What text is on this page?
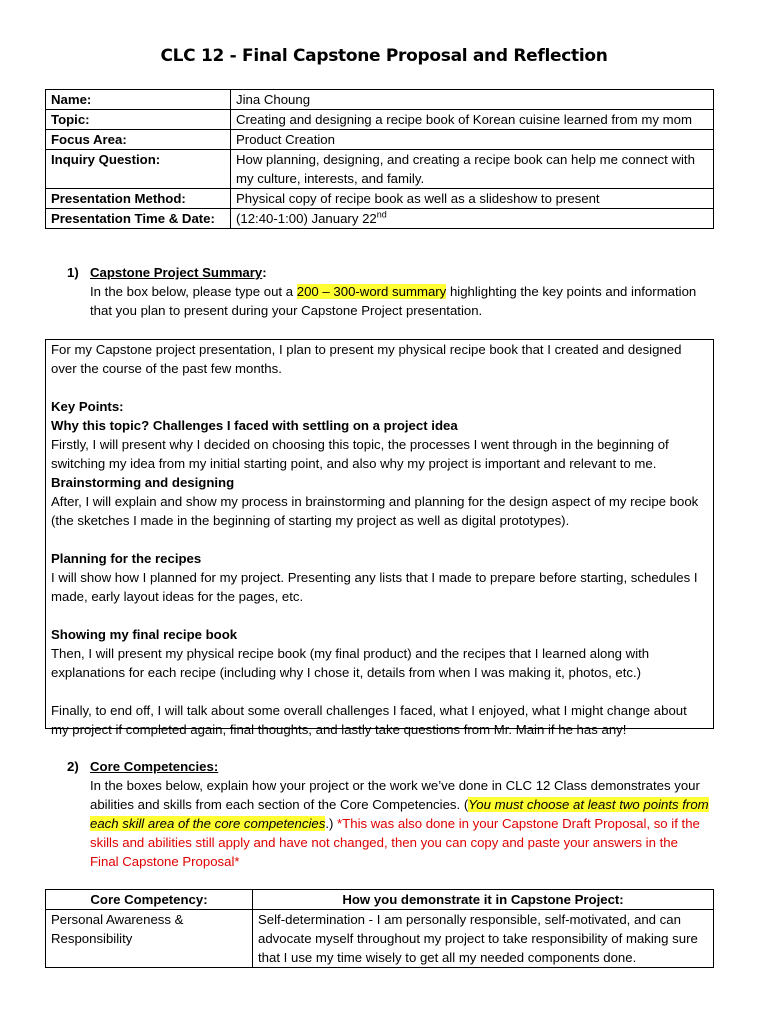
CLC 12 - Final Capstone Proposal and Reflection
Name:	Jina Choung
Topic:	Creating and designing a recipe book of Korean cuisine learned from my mom
Focus Area:	Product Creation
Inquiry Question:	How planning, designing, and creating a recipe book can help me connect with my culture, interests, and family.
Presentation Method:	Physical copy of recipe book as well as a slideshow to present
Presentation Time & Date:	(12:40-1:00) January 22nd
1) Capstone Project Summary:
In the box below, please type out a 200 – 300-word summary highlighting the key points and information that you plan to present during your Capstone Project presentation.

For my Capstone project presentation, I plan to present my physical recipe book that I created and designed over the course of the past few months.

Key Points:

Why this topic? Challenges I faced with settling on a project idea

Firstly, I will present why I decided on choosing this topic, the processes I went through in the beginning of switching my idea from my initial starting point, and also why my project is important and relevant to me.

Brainstorming and designing

After, I will explain and show my process in brainstorming and planning for the design aspect of my recipe book (the sketches I made in the beginning of starting my project as well as digital prototypes).

Planning for the recipes

I will show how I planned for my project. Presenting any lists that I made to prepare before starting, schedules I made, early layout ideas for the pages, etc.

Showing my final recipe book

Then, I will present my physical recipe book (my final product) and the recipes that I learned along with explanations for each recipe (including why I chose it, details from when I was making it, photos, etc.)

Finally, to end off, I will talk about some overall challenges I faced, what I enjoyed, what I might change about my project if completed again, final thoughts, and lastly take questions from Mr. Main if he has any!

2) Core Competencies:
In the boxes below, explain how your project or the work we’ve done in CLC 12 Class demonstrates your abilities and skills from each section of the Core Competencies. (You must choose at least two points from each skill area of the core competencies.) *This was also done in your Capstone Draft Proposal, so if the skills and abilities still apply and have not changed, then you can copy and paste your answers in the Final Capstone Proposal*
Core Competency:	How you demonstrate it in Capstone Project:
Personal Awareness & Responsibility	Self-determination - I am personally responsible, self-motivated, and can advocate myself throughout my project to take responsibility of making sure that I use my time wisely to get all my needed components done.
